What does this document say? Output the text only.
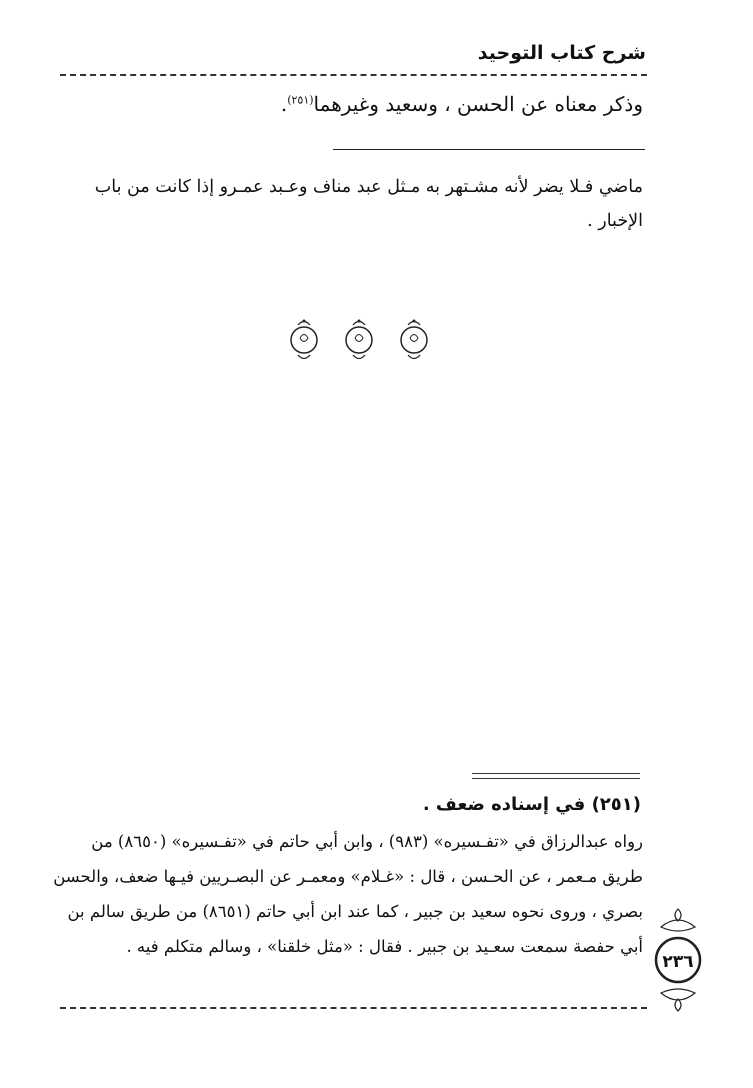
شرح كتاب التوحيد
وذكر معناه عن الحسن ، وسعيد وغيرهما$^{(٢٥١)}$.
ماضي فـلا يضر لأنه مشـتهر به مـثل عبد مناف وعـبد عمـرو إذا كانت من باب الإخبار .
(٢٥١) في إسناده ضعف .
رواه عبدالرزاق في «تفـسيره» (٩٨٣) ، وابن أبي حاتم في «تفـسيره» (٨٦٥٠) من طريق مـعمر ، عن الحـسن ، قال : «غـلام» ومعمـر عن البصـريين فيـها ضعف، والحسن بصري ، وروى نحوه سعيد بن جبير ، كما عند ابن أبي حاتم (٨٦٥١) من طريق سالم بن أبي حفصة سمعت سعـيد بن جبير . فقال : «مثل خلقنا» ، وسالم متكلم فيه .
٢٣٦
